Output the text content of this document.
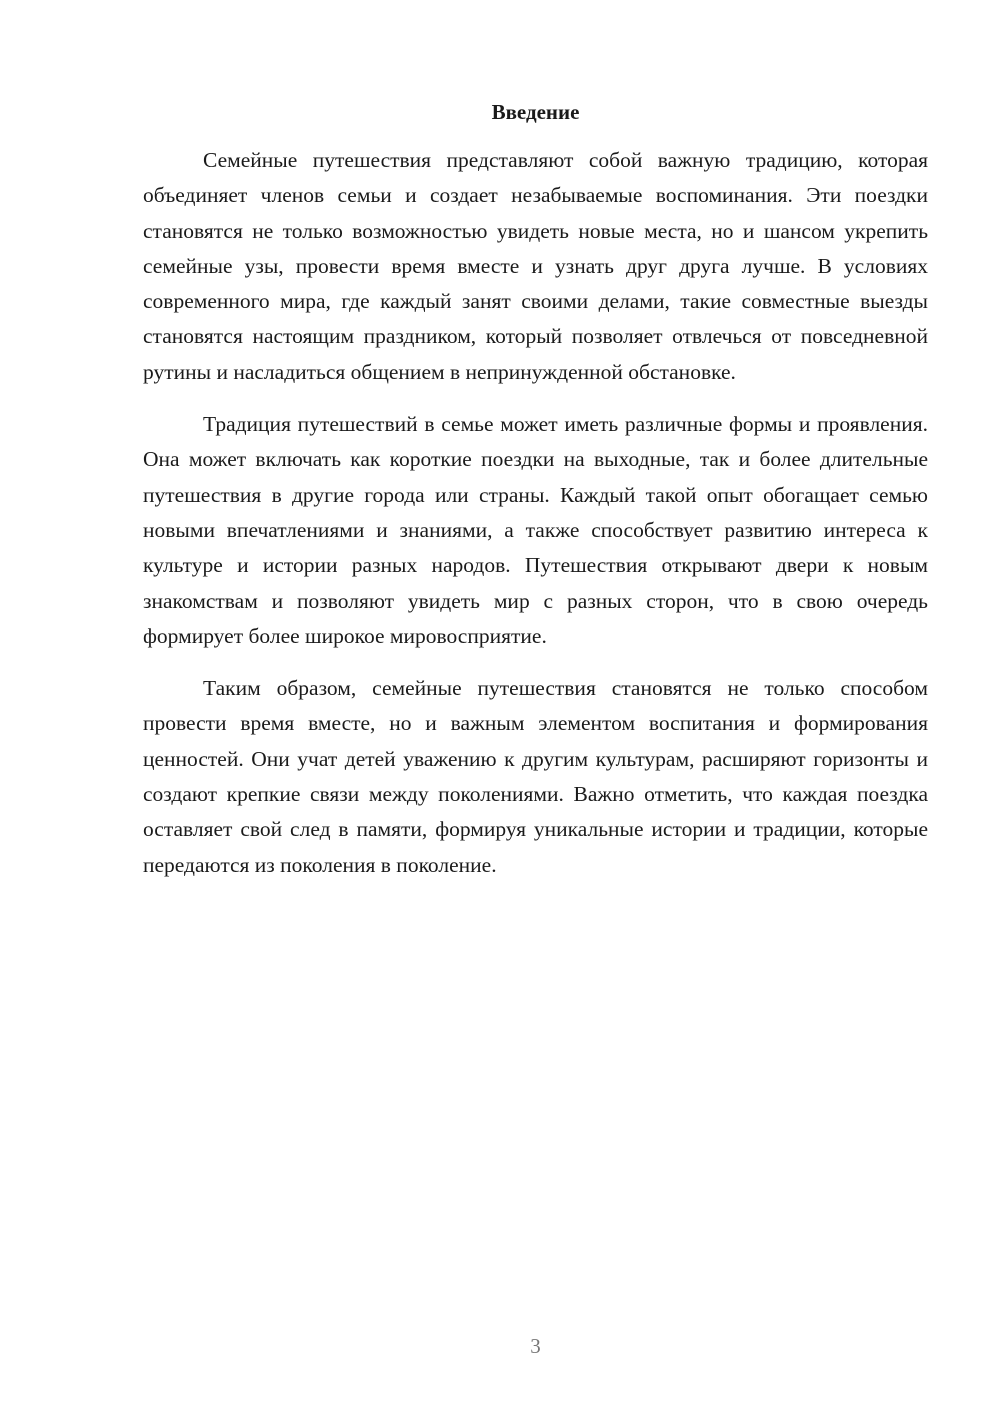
Введение

Семейные путешествия представляют собой важную традицию, которая объединяет членов семьи и создает незабываемые воспоминания. Эти поездки становятся не только возможностью увидеть новые места, но и шансом укрепить семейные узы, провести время вместе и узнать друг друга лучше. В условиях современного мира, где каждый занят своими делами, такие совместные выезды становятся настоящим праздником, который позволяет отвлечься от повседневной рутины и насладиться общением в непринужденной обстановке.

Традиция путешествий в семье может иметь различные формы и проявления. Она может включать как короткие поездки на выходные, так и более длительные путешествия в другие города или страны. Каждый такой опыт обогащает семью новыми впечатлениями и знаниями, а также способствует развитию интереса к культуре и истории разных народов. Путешествия открывают двери к новым знакомствам и позволяют увидеть мир с разных сторон, что в свою очередь формирует более широкое мировосприятие.

Таким образом, семейные путешествия становятся не только способом провести время вместе, но и важным элементом воспитания и формирования ценностей. Они учат детей уважению к другим культурам, расширяют горизонты и создают крепкие связи между поколениями. Важно отметить, что каждая поездка оставляет свой след в памяти, формируя уникальные истории и традиции, которые передаются из поколения в поколение.

3
